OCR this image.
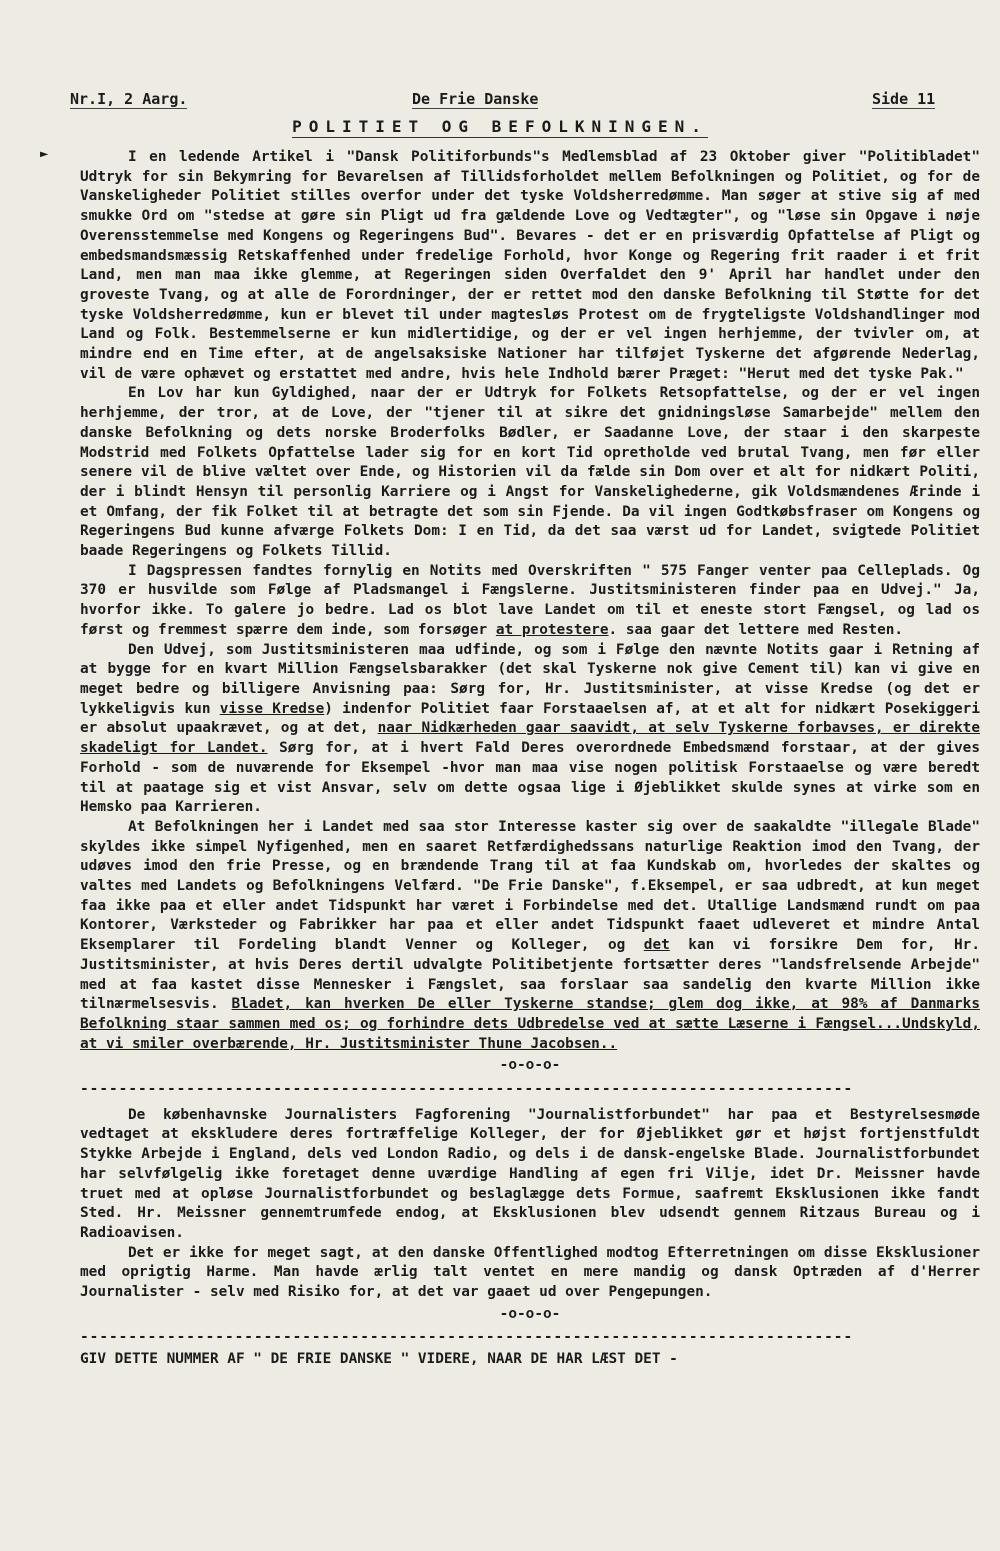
Nr.I, 2 Aarg.	De Frie Danske	Side 11
POLITIET OG BEFOLKNINGEN.
►	I en ledende Artikel i "Dansk Politiforbunds"s Medlemsblad af 23 Oktober giver "Politibladet" Udtryk for sin Bekymring for Bevarelsen af Tillidsforholdet mellem Befolkningen og Politiet, og for de Vanskeligheder Politiet stilles overfor under det tyske Voldsherredømme. Man søger at stive sig af med smukke Ord om "stedse at gøre sin Pligt ud fra gældende Love og Vedtægter", og "løse sin Opgave i nøje Overensstemmelse med Kongens og Regeringens Bud". Bevares - det er en prisværdig Opfattelse af Pligt og embedsmandsmæssig Retskaffenhed under fredelige Forhold, hvor Konge og Regering frit raader i et frit Land, men man maa ikke glemme, at Regeringen siden Overfaldet den 9' April har handlet under den groveste Tvang, og at alle de Forordninger, der er rettet mod den danske Befolkning til Støtte for det tyske Voldsherredømme, kun er blevet til under magtesløs Protest om de frygteligste Voldshandlinger mod Land og Folk. Bestemmelserne er kun midlertidige, og der er vel ingen herhjemme, der tvivler om, at mindre end en Time efter, at de angelsaksiske Nationer har tilføjet Tyskerne det afgørende Nederlag, vil de være ophævet og erstattet med andre, hvis hele Indhold bærer Præget: "Herut med det tyske Pak."

En Lov har kun Gyldighed, naar der er Udtryk for Folkets Retsopfattelse, og der er vel ingen herhjemme, der tror, at de Love, der "tjener til at sikre det gnidningsløse Samarbejde" mellem den danske Befolkning og dets norske Broderfolks Bødler, er Saadanne Love, der staar i den skarpeste Modstrid med Folkets Opfattelse lader sig for en kort Tid opretholde ved brutal Tvang, men før eller senere vil de blive væltet over Ende, og Historien vil da fælde sin Dom over et alt for nidkært Politi, der i blindt Hensyn til personlig Karriere og i Angst for Vanskelighederne, gik Voldsmændenes Ærinde i et Omfang, der fik Folket til at betragte det som sin Fjende. Da vil ingen Godtkøbsfraser om Kongens og Regeringens Bud kunne afværge Folkets Dom: I en Tid, da det saa værst ud for Landet, svigtede Politiet baade Regeringens og Folkets Tillid.

I Dagspressen fandtes fornylig en Notits med Overskriften " 575 Fanger venter paa Celleplads. Og 370 er husvilde som Følge af Pladsmangel i Fængslerne. Justitsministeren finder paa en Udvej." Ja, hvorfor ikke. To galere jo bedre. Lad os blot lave Landet om til et eneste stort Fængsel, og lad os først og fremmest spærre dem inde, som forsøger at protestere. saa gaar det lettere med Resten.

Den Udvej, som Justitsministeren maa udfinde, og som i Følge den nævnte Notits gaar i Retning af at bygge for en kvart Million Fængselsbarakker (det skal Tyskerne nok give Cement til) kan vi give en meget bedre og billigere Anvisning paa: Sørg for, Hr. Justitsminister, at visse Kredse (og det er lykkeligvis kun visse Kredse) indenfor Politiet faar Forstaaelsen af, at et alt for nidkært Posekiggeri er absolut upaakrævet, og at det, naar Nidkærheden gaar saavidt, at selv Tyskerne forbavses, er direkte skadeligt for Landet. Sørg for, at i hvert Fald Deres overordnede Embedsmænd forstaar, at der gives Forhold - som de nuværende for Eksempel -hvor man maa vise nogen politisk Forstaaelse og være beredt til at paatage sig et vist Ansvar, selv om dette ogsaa lige i Øjeblikket skulde synes at virke som en Hemsko paa Karrieren.

At Befolkningen her i Landet med saa stor Interesse kaster sig over de saakaldte "illegale Blade" skyldes ikke simpel Nyfigenhed, men en saaret Retfærdighedssans naturlige Reaktion imod den Tvang, der udøves imod den frie Presse, og en brændende Trang til at faa Kundskab om, hvorledes der skaltes og valtes med Landets og Befolkningens Velfærd. "De Frie Danske", f.Eksempel, er saa udbredt, at kun meget faa ikke paa et eller andet Tidspunkt har været i Forbindelse med det. Utallige Landsmænd rundt om paa Kontorer, Værksteder og Fabrikker har paa et eller andet Tidspunkt faaet udleveret et mindre Antal Eksemplarer til Fordeling blandt Venner og Kolleger, og det kan vi forsikre Dem for, Hr. Justitsminister, at hvis Deres dertil udvalgte Politibetjente fortsætter deres "landsfrelsende Arbejde" med at faa kastet disse Mennesker i Fængslet, saa forslaar saa sandelig den kvarte Million ikke tilnærmelsesvis. Bladet, kan hverken De eller Tyskerne standse; glem dog ikke, at 98% af Danmarks Befolkning staar sammen med os; og forhindre dets Udbredelse ved at sætte Læserne i Fængsel...Undskyld, at vi smiler overbærende, Hr. Justitsminister Thune Jacobsen..

-o-o-o-
--------------------------------------------------------------------------------

De københavnske Journalisters Fagforening "Journalistforbundet" har paa et Bestyrelsesmøde vedtaget at ekskludere deres fortræffelige Kolleger, der for Øjeblikket gør et højst fortjenstfuldt Stykke Arbejde i England, dels ved London Radio, og dels i de dansk-engelske Blade. Journalistforbundet har selvfølgelig ikke foretaget denne uværdige Handling af egen fri Vilje, idet Dr. Meissner havde truet med at opløse Journalistforbundet og beslaglægge dets Formue, saafremt Eksklusionen ikke fandt Sted. Hr. Meissner gennemtrumfede endog, at Eksklusionen blev udsendt gennem Ritzaus Bureau og i Radioavisen.

Det er ikke for meget sagt, at den danske Offentlighed modtog Efterretningen om disse Eksklusioner med oprigtig Harme. Man havde ærlig talt ventet en mere mandig og dansk Optræden af d'Herrer Journalister - selv med Risiko for, at det var gaaet ud over Pengepungen.

-o-o-o-
--------------------------------------------------------------------------------
GIV DETTE NUMMER AF " DE FRIE DANSKE " VIDERE, NAAR DE HAR LÆST DET -
